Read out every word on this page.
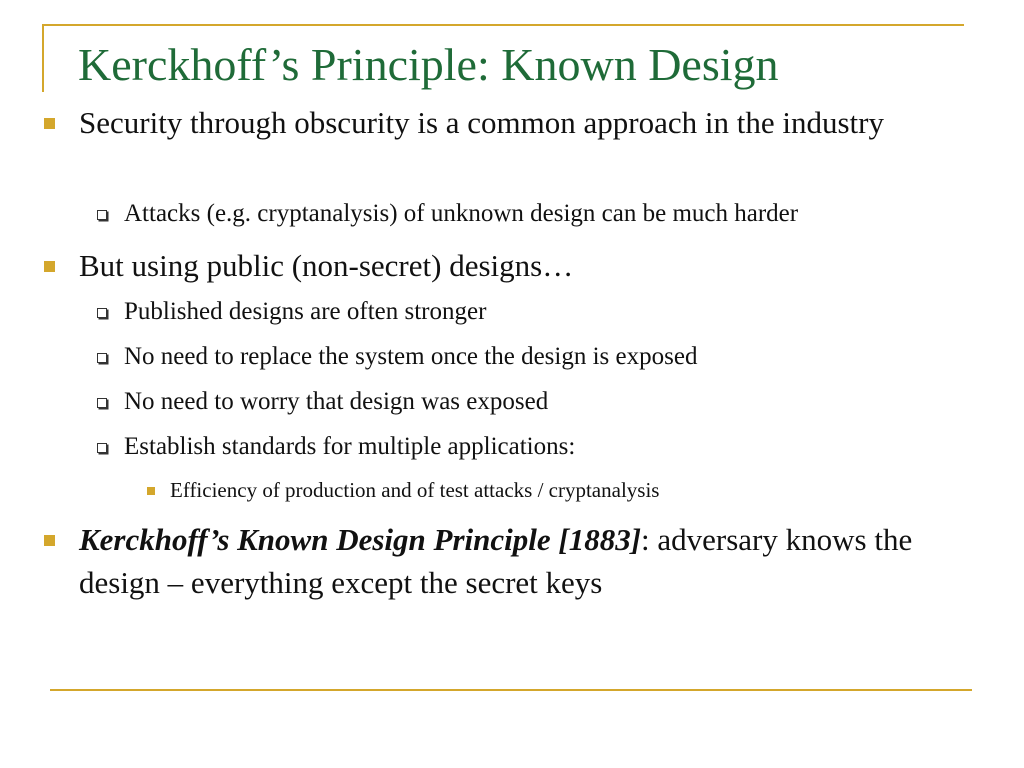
Kerckhoff’s Principle: Known Design
Security through obscurity is a common approach in the industry
Attacks (e.g. cryptanalysis) of unknown design can be much harder
But using public (non-secret) designs…
Published designs are often stronger
No need to replace the system once the design is exposed
No need to worry that design was exposed
Establish standards for multiple applications:
Efficiency of production and of test attacks / cryptanalysis
Kerckhoff’s Known Design Principle [1883]: adversary knows the design – everything except the secret keys
